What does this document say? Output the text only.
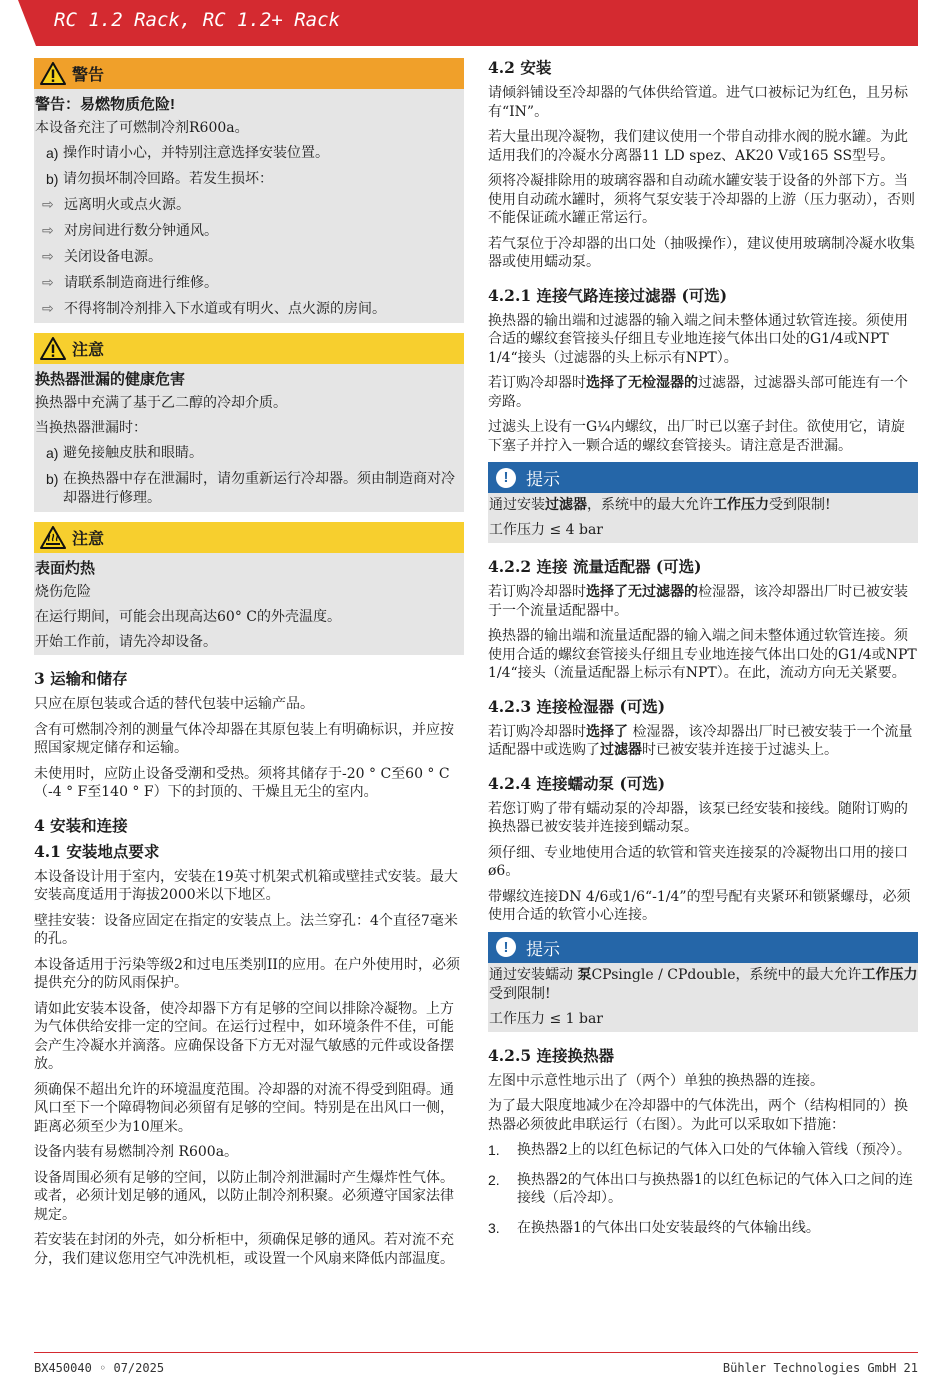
RC 1.2 Rack, RC 1.2+ Rack
警告
警告：易燃物质危险!

本设备充注了可燃制冷剂R600a。

a) 操作时请小心，并特别注意选择安装位置。
b) 请勿损坏制冷回路。若发生损坏：
⇨ 远离明火或点火源。
⇨ 对房间进行数分钟通风。
⇨ 关闭设备电源。
⇨ 请联系制造商进行维修。
⇨ 不得将制冷剂排入下水道或有明火、点火源的房间。
注意
换热器泄漏的健康危害

换热器中充满了基于乙二醇的冷却介质。

当换热器泄漏时：

a) 避免接触皮肤和眼睛。
b) 在换热器中存在泄漏时，请勿重新运行冷却器。须由制造商对冷却器进行修理。
注意
表面灼热

烧伤危险

在运行期间，可能会出现高达60° C的外壳温度。

开始工作前，请先冷却设备。

3 运输和储存

只应在原包装或合适的替代包装中运输产品。

含有可燃制冷剂的测量气体冷却器在其原包装上有明确标识，并应按照国家规定储存和运输。

未使用时，应防止设备受潮和受热。须将其储存于-20 ° C至60 ° C（-4 ° F至140 ° F）下的封顶的、干燥且无尘的室内。

4 安装和连接
4.1 安装地点要求

本设备设计用于室内，安装在19英寸机架式机箱或壁挂式安装。最大安装高度适用于海拔2000米以下地区。

壁挂安装：设备应固定在指定的安装点上。法兰穿孔：4个直径7毫米的孔。

本设备适用于污染等级2和过电压类别II的应用。在户外使用时，必须提供充分的防风雨保护。

请如此安装本设备，使冷却器下方有足够的空间以排除冷凝物。上方为气体供给安排一定的空间。在运行过程中，如环境条件不佳，可能会产生冷凝水并滴落。应确保设备下方无对湿气敏感的元件或设备摆放。

须确保不超出允许的环境温度范围。冷却器的对流不得受到阻碍。通风口至下一个障碍物间必须留有足够的空间。特别是在出风口一侧，距离必须至少为10厘米。

设备内装有易燃制冷剂 R600a。

设备周围必须有足够的空间，以防止制冷剂泄漏时产生爆炸性气体。或者，必须计划足够的通风，以防止制冷剂积聚。必须遵守国家法律规定。

若安装在封闭的外壳，如分析柜中，须确保足够的通风。若对流不充分，我们建议您用空气冲洗机柜，或设置一个风扇来降低内部温度。

4.2 安装

请倾斜铺设至冷却器的气体供给管道。进气口被标记为红色，且另标有“IN”。

若大量出现冷凝物，我们建议使用一个带自动排水阀的脱水罐。为此适用我们的冷凝水分离器11 LD spez、AK20 V或165 SS型号。

须将冷凝排除用的玻璃容器和自动疏水罐安装于设备的外部下方。当使用自动疏水罐时，须将气泵安装于冷却器的上游（压力驱动），否则不能保证疏水罐正常运行。

若气泵位于冷却器的出口处（抽吸操作），建议使用玻璃制冷凝水收集器或使用蠕动泵。

4.2.1 连接气路连接过滤器 (可选)

换热器的输出端和过滤器的输入端之间未整体通过软管连接。须使用合适的螺纹套管接头仔细且专业地连接气体出口处的G1/4或NPT 1/4“接头（过滤器的头上标示有NPT）。

若订购冷却器时选择了无检湿器的过滤器，过滤器头部可能连有一个旁路。

过滤头上设有一G¼内螺纹，出厂时已以塞子封住。欲使用它，请旋下塞子并拧入一颗合适的螺纹套管接头。请注意是否泄漏。

!	提示

通过安装过滤器，系统中的最大允许工作压力受到限制!

工作压力 ≤ 4 bar

4.2.2 连接 流量适配器 (可选)

若订购冷却器时选择了无过滤器的检湿器，该冷却器出厂时已被安装于一个流量适配器中。

换热器的输出端和流量适配器的输入端之间未整体通过软管连接。须使用合适的螺纹套管接头仔细且专业地连接气体出口处的G1/4或NPT 1/4“接头（流量适配器上标示有NPT）。在此，流动方向无关紧要。

4.2.3 连接检湿器 (可选)

若订购冷却器时选择了 检湿器，该冷却器出厂时已被安装于一个流量适配器中或选购了过滤器时已被安装并连接于过滤头上。

4.2.4 连接蠕动泵 (可选)

若您订购了带有蠕动泵的冷却器，该泵已经安装和接线。随附订购的换热器已被安装并连接到蠕动泵。

须仔细、专业地使用合适的软管和管夹连接泵的冷凝物出口用的接口ø6。

带螺纹连接DN 4/6或1/6“-1/4”的型号配有夹紧环和锁紧螺母，必须使用合适的软管小心连接。

!	提示

通过安装蠕动 泵CPsingle / CPdouble，系统中的最大允许工作压力受到限制!

工作压力 ≤ 1 bar

4.2.5 连接换热器

左图中示意性地示出了（两个）单独的换热器的连接。

为了最大限度地减少在冷却器中的气体洗出，两个（结构相同的）换热器必须彼此串联运行（右图）。为此可以采取如下措施：

1.	换热器2上的以红色标记的气体入口处的气体输入管线（预冷）。
2.	换热器2的气体出口与换热器1的以红色标记的气体入口之间的连接线（后冷却）。
3.	在换热器1的气体出口处安装最终的气体输出线。
BX450040 ◦ 07/2025	Bühler Technologies GmbH 21
